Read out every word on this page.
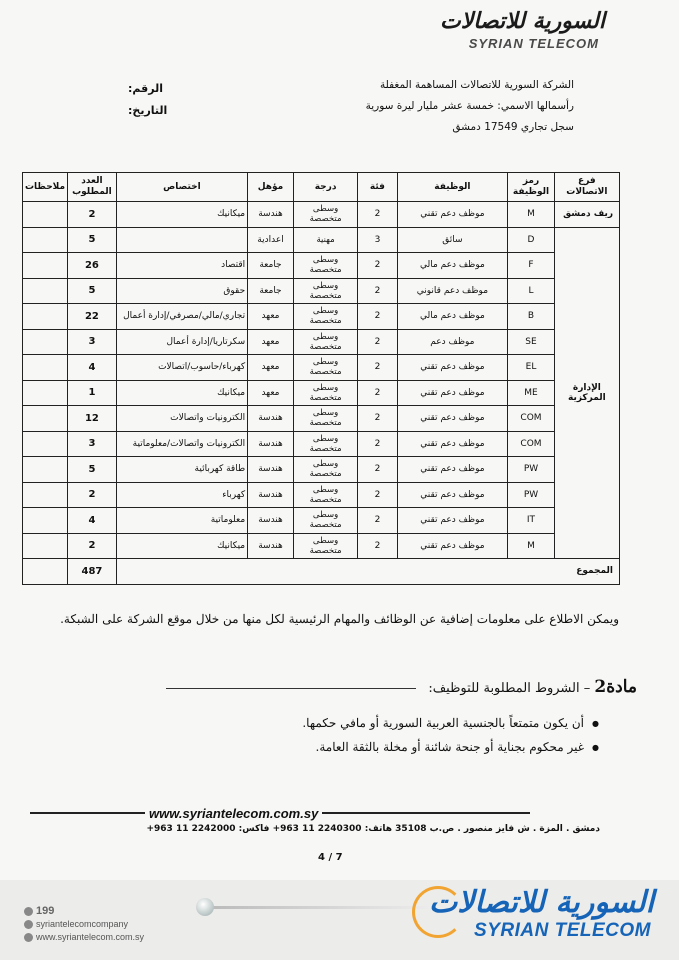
السورية للاتصالات
SYRIAN TELECOM
الرقم:
التاريخ:
الشركة السورية للاتصالات المساهمة المغفلة
رأسمالها الاسمي: خمسة عشر مليار ليرة سورية
سجل تجاري 17549 دمشق
فرع الاتصالات	رمز الوظيفة	الوظيفة	فئة	درجة	مؤهل	اختصاص	العدد المطلوب	ملاحظات
ريف دمشق	M	موظف دعم تقني	2	وسطى متخصصة	هندسة	ميكانيك	2	
الإدارة المركزية	D	سائق	3	مهنية	اعدادية		5	
	F	موظف دعم مالي	2	وسطى متخصصة	جامعة	اقتصاد	26	
	L	موظف دعم قانوني	2	وسطى متخصصة	جامعة	حقوق	5	
	B	موظف دعم مالي	2	وسطى متخصصة	معهد	تجاري/مالي/مصرفي/إدارة أعمال	22	
	SE	موظف دعم	2	وسطى متخصصة	معهد	سكرتاريا/إدارة أعمال	3	
	EL	موظف دعم تقني	2	وسطى متخصصة	معهد	كهرباء/حاسوب/اتصالات	4	
	ME	موظف دعم تقني	2	وسطى متخصصة	معهد	ميكانيك	1	
	COM	موظف دعم تقني	2	وسطى متخصصة	هندسة	الكترونيات واتصالات	12	
	COM	موظف دعم تقني	2	وسطى متخصصة	هندسة	الكترونيات واتصالات/معلوماتية	3	
	PW	موظف دعم تقني	2	وسطى متخصصة	هندسة	طاقة كهربائية	5	
	PW	موظف دعم تقني	2	وسطى متخصصة	هندسة	كهرباء	2	
	IT	موظف دعم تقني	2	وسطى متخصصة	هندسة	معلوماتية	4	
	M	موظف دعم تقني	2	وسطى متخصصة	هندسة	ميكانيك	2	
المجموع							487	
ويمكن الاطلاع على معلومات إضافية عن الوظائف والمهام الرئيسية لكل منها من خلال موقع الشركة على الشبكة.
مادة2 – الشروط المطلوبة للتوظيف:
● أن يكون متمتعاً بالجنسية العربية السورية أو مافي حكمها.
● غير محكوم بجناية أو جنحة شائنة أو مخلة بالثقة العامة.
www.syriantelecom.com.sy
دمشق . المزة . ش فايز منصور . ص.ب 35108 هاتف: 2240300 11 963+ فاكس: 2242000 11 963+
4 / 7
السورية للاتصالات
SYRIAN TELECOM
199
syriantelecomcompany
www.syriantelecom.com.sy
